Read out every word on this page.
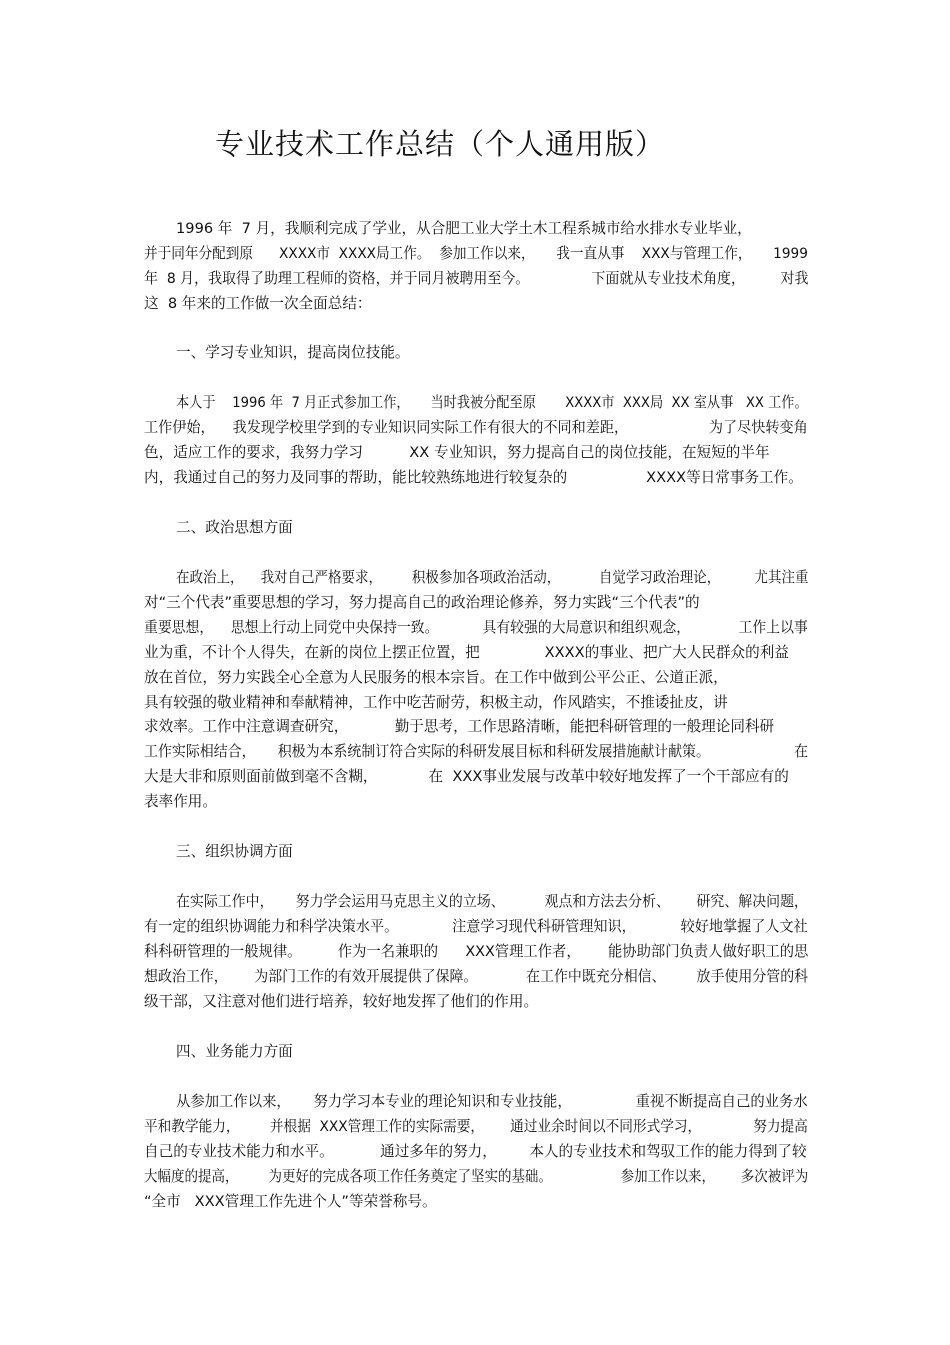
专业技术工作总结（个人通用版）
1996 年  7 月，我顺利完成了学业，从合肥工业大学土木工程系城市给水排水专业毕业，
并于同年分配到原      XXXX市  XXXX局工作。  参加工作以来，     我一直从事    XXX与管理工作，     1999
年  8 月，我取得了助理工程师的资格，并于同月被聘用至今。              下面就从专业技术角度，        对我
这  8 年来的工作做一次全面总结：
一、学习专业知识，提高岗位技能。
本人于    1996 年  7 月正式参加工作，     当时我被分配至原       XXXX市  XXX局  XX 室从事   XX 工作。
工作伊始，    我发现学校里学到的专业知识同实际工作有很大的不同和差距，                  为了尽快转变角
色，适应工作的要求，我努力学习          XX 专业知识，努力提高自己的岗位技能，在短短的半年
内，我通过自己的努力及同事的帮助，能比较熟练地进行较复杂的                 XXXX等日常事务工作。
二、政治思想方面
在政治上，    我对自己严格要求，       积极参加各项政治活动，         自觉学习政治理论，        尤其注重
对“三个代表”重要思想的学习，努力提高自己的政治理论修养，努力实践“三个代表”的
重要思想，    思想上行动上同党中央保持一致。          具有较强的大局意识和组织观念，           工作上以事
业为重，不计个人得失，在新的岗位上摆正位置，把              XXXX的事业、把广大人民群众的利益
放在首位，努力实践全心全意为人民服务的根本宗旨。在工作中做到公平公正、公道正派，
具有较强的敬业精神和奉献精神，工作中吃苦耐劳，积极主动，作风踏实，不推诿扯皮，讲
求效率。工作中注意调查研究，          勤于思考，工作思路清晰，能把科研管理的一般理论同科研
工作实际相结合，     积极为本系统制订符合实际的科研发展目标和科研发展措施献计献策。                   在
大是大非和原则面前做到毫不含糊，           在  XXX事业发展与改革中较好地发挥了一个干部应有的
表率作用。
三、组织协调方面
在实际工作中，     努力学会运用马克思主义的立场、         观点和方法去分析、      研究、解决问题，
有一定的组织协调能力和科学决策水平。            注意学习现代科研管理知识，          较好地掌握了人文社
科科研管理的一般规律。        作为一名兼职的      XXX管理工作者，      能协助部门负责人做好职工的思
想政治工作，      为部门工作的有效开展提供了保障。           在工作中既充分相信、       放手使用分管的科
级干部，又注意对他们进行培养，较好地发挥了他们的作用。
四、业务能力方面
从参加工作以来，     努力学习本专业的理论知识和专业技能，              重视不断提高自己的业务水
平和教学能力，       并根据  XXX管理工作的实际需要，      通过业余时间以不同形式学习，            努力提高
自己的专业技术能力和水平。          通过多年的努力，       本人的专业技术和驾驭工作的能力得到了较
大幅度的提高，       为更好的完成各项工作任务奠定了坚实的基础。                参加工作以来，      多次被评为
“全市   XXX管理工作先进个人”等荣誉称号。
